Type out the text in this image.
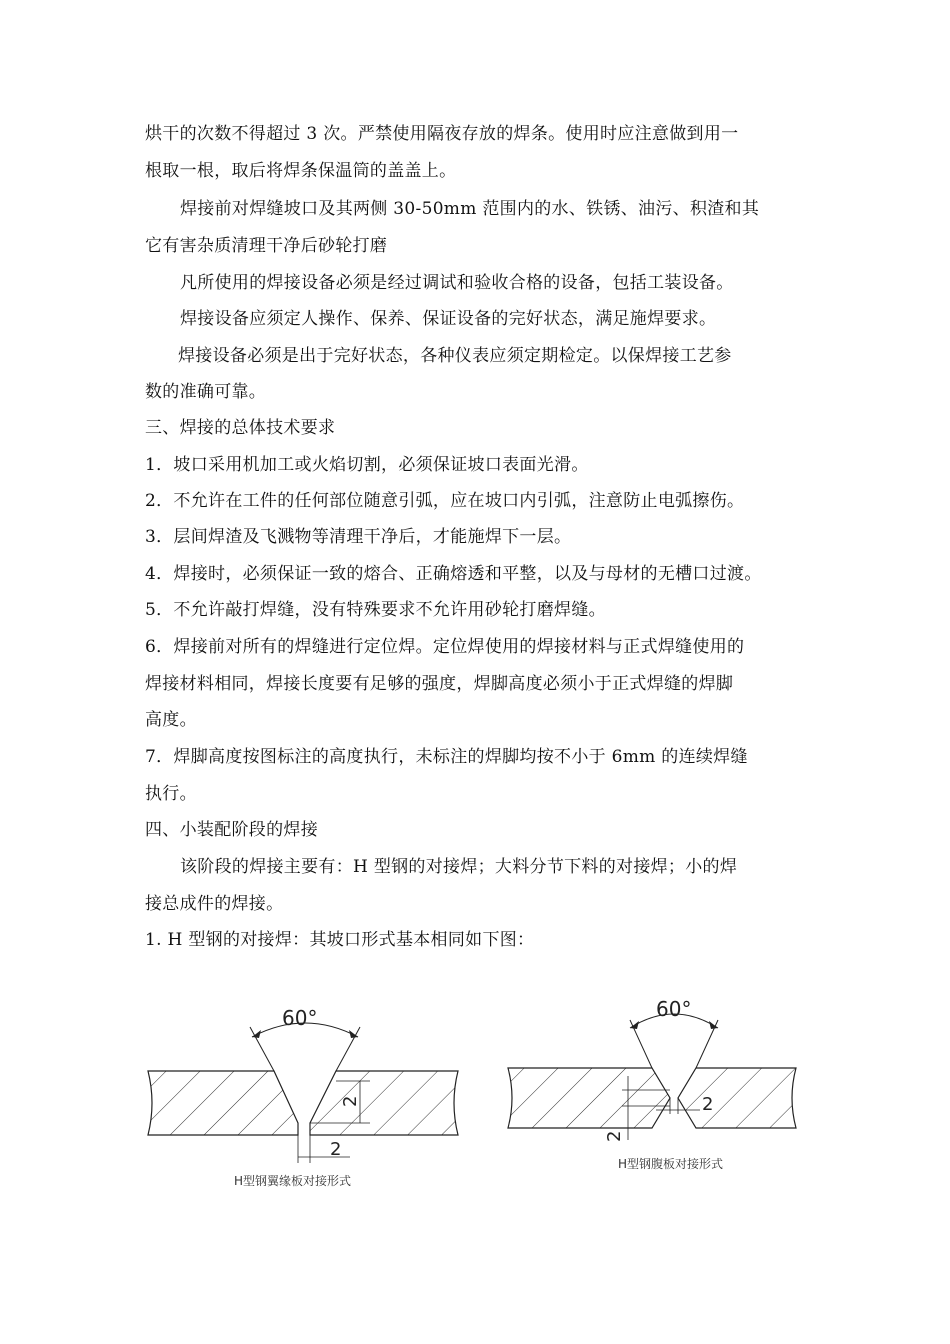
烘干的次数不得超过 3 次。严禁使用隔夜存放的焊条。使用时应注意做到用一
根取一根，取后将焊条保温筒的盖盖上。
焊接前对焊缝坡口及其两侧 30-50mm 范围内的水、铁锈、油污、积渣和其
它有害杂质清理干净后砂轮打磨
凡所使用的焊接设备必须是经过调试和验收合格的设备，包括工装设备。
焊接设备应须定人操作、保养、保证设备的完好状态，满足施焊要求。
焊接设备必须是出于完好状态，各种仪表应须定期检定。以保焊接工艺参
数的准确可靠。
三、焊接的总体技术要求
1．坡口采用机加工或火焰切割，必须保证坡口表面光滑。
2．不允许在工件的任何部位随意引弧，应在坡口内引弧，注意防止电弧擦伤。
3．层间焊渣及飞溅物等清理干净后，才能施焊下一层。
4．焊接时，必须保证一致的熔合、正确熔透和平整，以及与母材的无槽口过渡。
5．不允许敲打焊缝，没有特殊要求不允许用砂轮打磨焊缝。
6．焊接前对所有的焊缝进行定位焊。定位焊使用的焊接材料与正式焊缝使用的
焊接材料相同，焊接长度要有足够的强度，焊脚高度必须小于正式焊缝的焊脚
高度。
7．焊脚高度按图标注的高度执行，未标注的焊脚均按不小于 6mm 的连续焊缝
执行。
四、小装配阶段的焊接
该阶段的焊接主要有：H 型钢的对接焊；大料分节下料的对接焊；小的焊
接总成件的焊接。
1. H 型钢的对接焊：其坡口形式基本相同如下图：
60°
2
2
H型钢翼缘板对接形式
60°
2
2
H型钢腹板对接形式
